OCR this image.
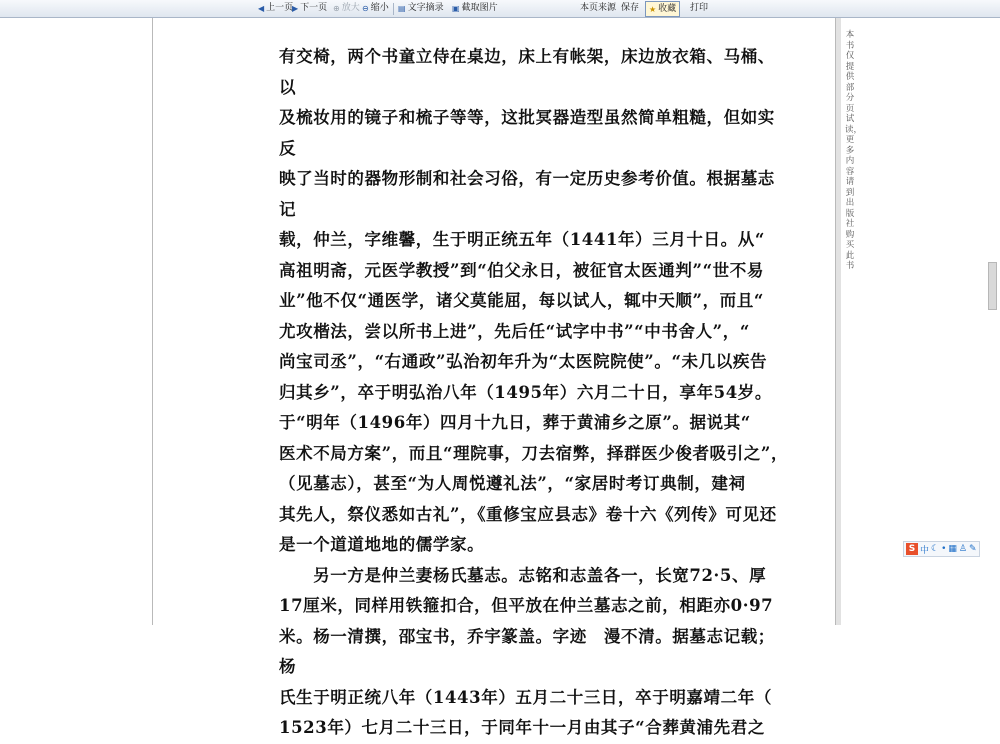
◀ 上一页
▶ 下一页 ⊕ 放大 ⊖ 缩小 ▤ 文字摘录 ▣ 截取图片	本页来源 保存 ★ 收藏 打印

有交椅，两个书童立侍在桌边，床上有帐架，床边放衣箱、马桶、以

及梳妆用的镜子和梳子等等，这批冥器造型虽然简单粗糙，但如实反

映了当时的器物形制和社会习俗，有一定历史参考价值。根据墓志记

载，仲兰，字维馨，生于明正统五年（1441年）三月十日。从“

高祖明斋，元医学教授”到“伯父永日，被征官太医通判”“世不易

业”他不仅“通医学，诸父莫能屈，每以试人，辄中天顺”，而且“

尤攻楷法，尝以所书上进”，先后任“试字中书”“中书舍人”，“

尚宝司丞”，“右通政”弘治初年升为“太医院院使”。“未几以疾告

归其乡”，卒于明弘治八年（1495年）六月二十日，享年54岁。

于“明年（1496年）四月十九日，葬于黄浦乡之原”。据说其“

医术不局方案”，而且“理院事，刀去宿弊，择群医少俊者吸引之”，

（见墓志），甚至“为人周悦遵礼法”，“家居时考订典制，建祠

其先人，祭仪悉如古礼”，《重修宝应县志》卷十六《列传》可见还

是一个道道地地的儒学家。

　　另一方是仲兰妻杨氏墓志。志铭和志盖各一，长宽72·5、厚

17厘米，同样用铁箍扣合，但平放在仲兰墓志之前，相距亦0·97

米。杨一清撰，邵宝书，乔宇篆盖。字迹　漫不清。据墓志记载；杨

氏生于明正统八年（1443年）五月二十三日，卒于明嘉靖二年（

1523年）七月二十三日，于同年十一月由其子“合葬黄浦先君之

本书仅提供部分页试读，更多内容请到出版社购买此书
S 中 ☾ • ▦ ♙ ✎
